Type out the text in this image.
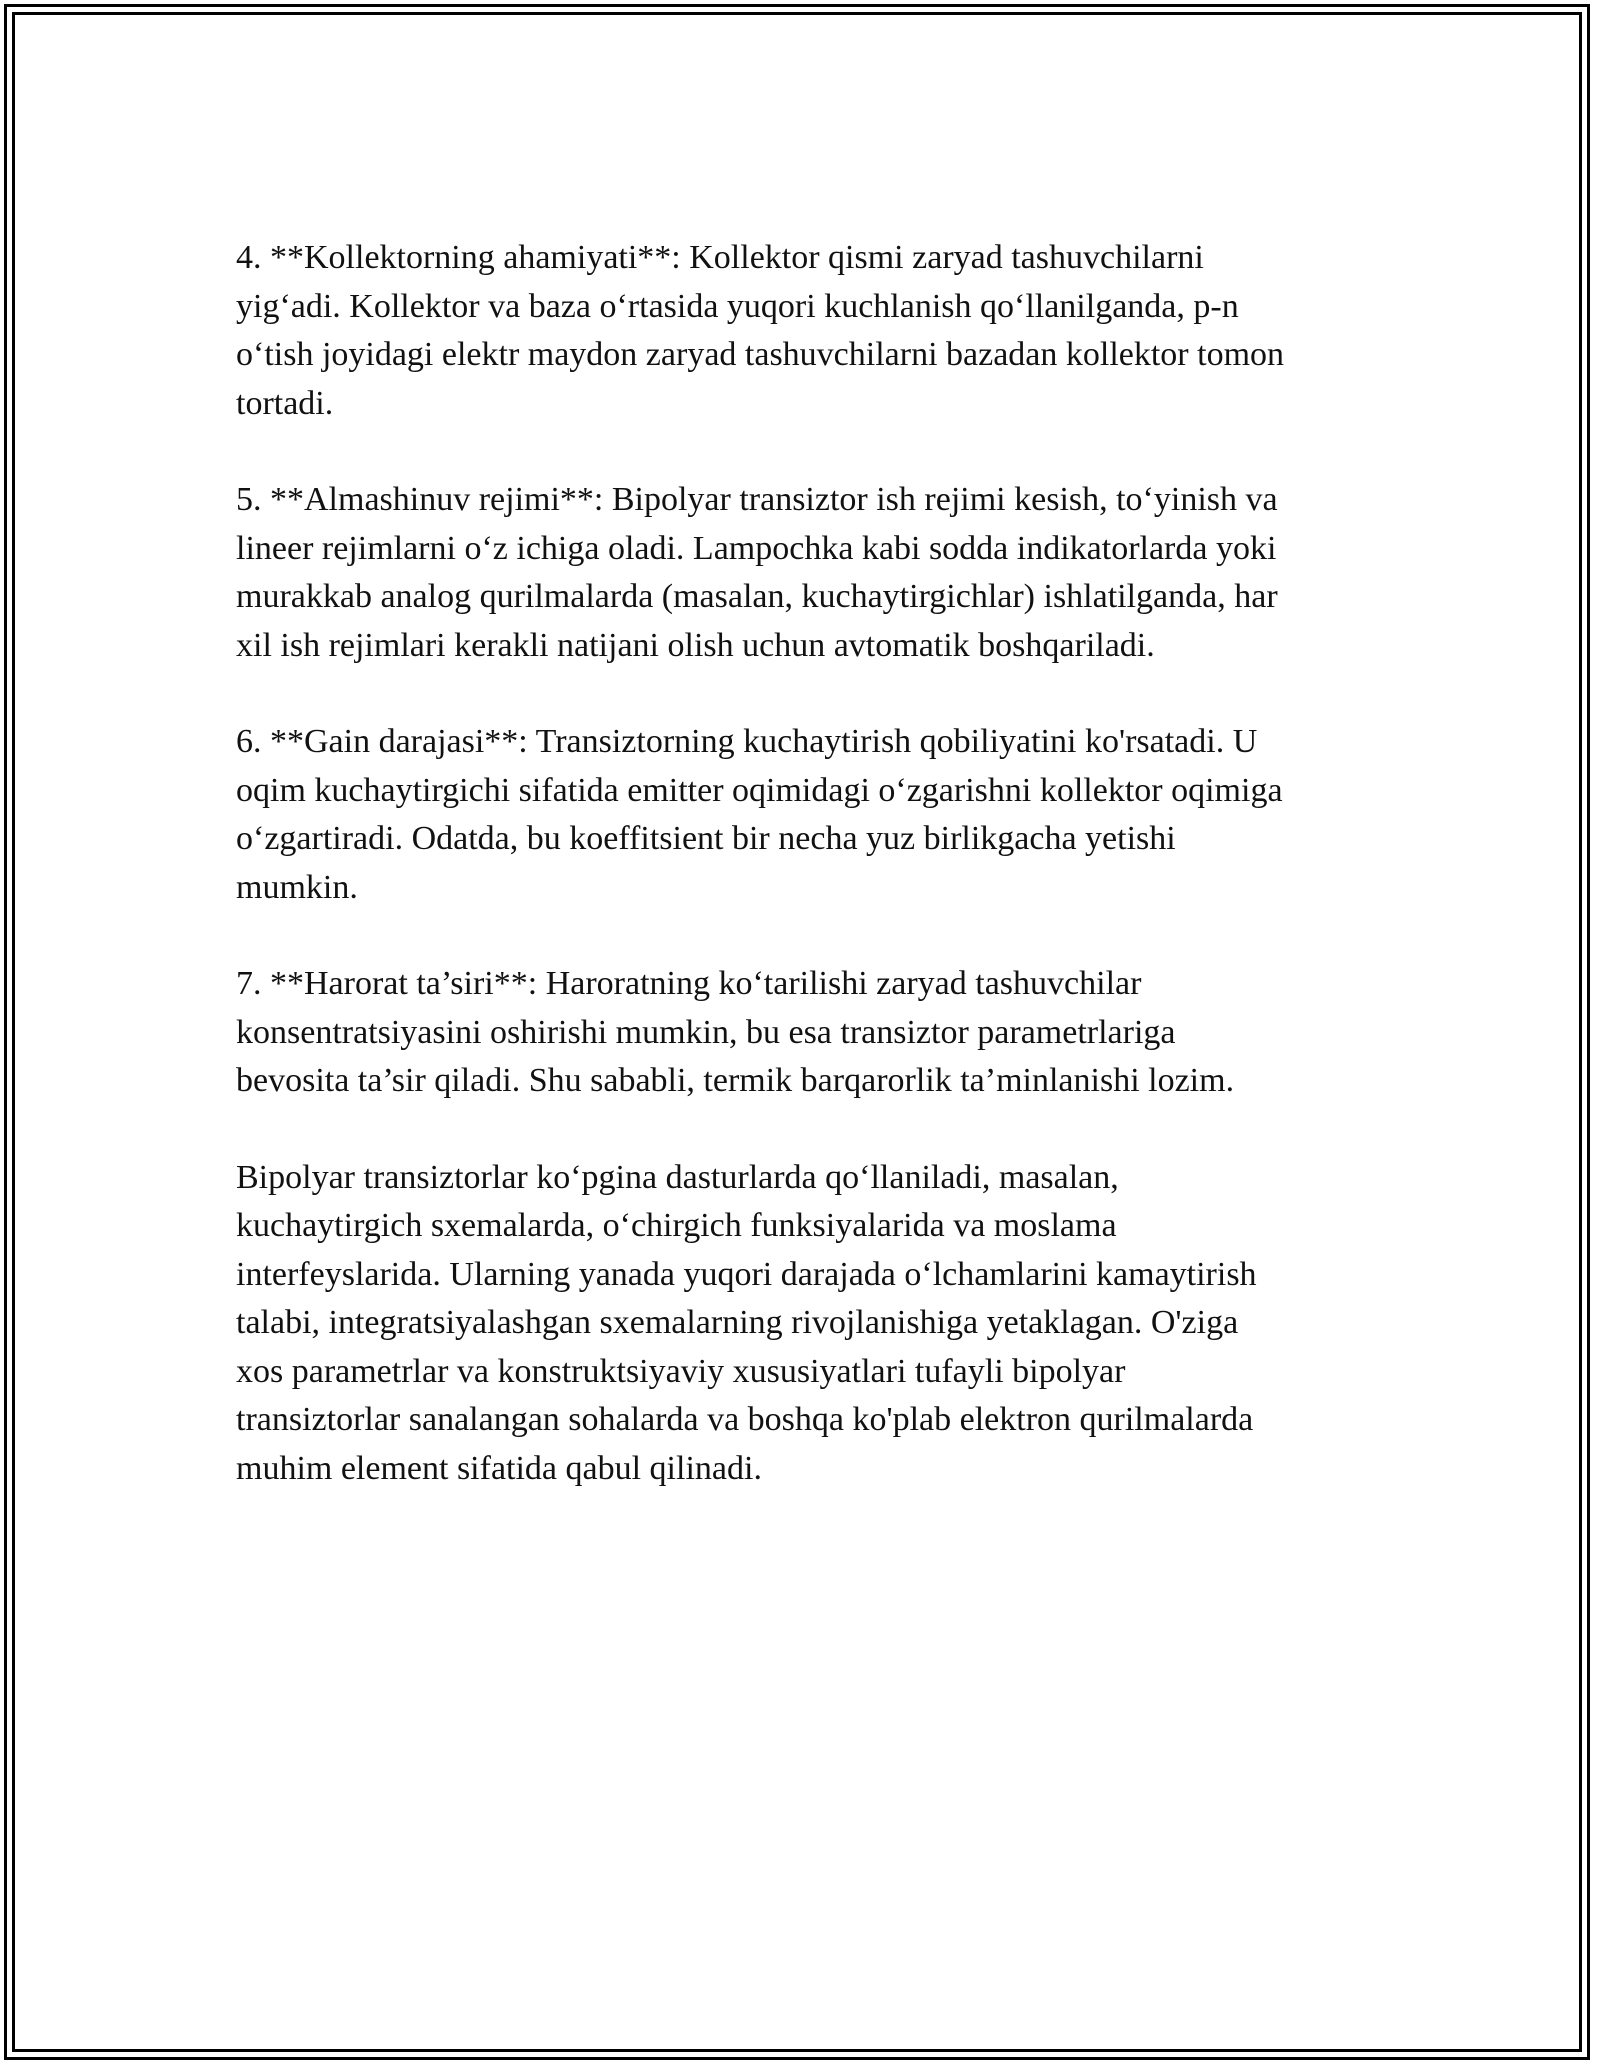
4. **Kollektorning ahamiyati**: Kollektor qismi zaryad tashuvchilarni
yig‘adi. Kollektor va baza o‘rtasida yuqori kuchlanish qo‘llanilganda, p-n
o‘tish joyidagi elektr maydon zaryad tashuvchilarni bazadan kollektor tomon
tortadi.

5. **Almashinuv rejimi**: Bipolyar transiztor ish rejimi kesish, to‘yinish va
lineer rejimlarni o‘z ichiga oladi. Lampochka kabi sodda indikatorlarda yoki
murakkab analog qurilmalarda (masalan, kuchaytirgichlar) ishlatilganda, har
xil ish rejimlari kerakli natijani olish uchun avtomatik boshqariladi.

6. **Gain darajasi**: Transiztorning kuchaytirish qobiliyatini ko'rsatadi. U
oqim kuchaytirgichi sifatida emitter oqimidagi o‘zgarishni kollektor oqimiga
o‘zgartiradi. Odatda, bu koeffitsient bir necha yuz birlikgacha yetishi
mumkin.

7. **Harorat ta’siri**: Haroratning ko‘tarilishi zaryad tashuvchilar
konsentratsiyasini oshirishi mumkin, bu esa transiztor parametrlariga
bevosita ta’sir qiladi. Shu sababli, termik barqarorlik ta’minlanishi lozim.

Bipolyar transiztorlar ko‘pgina dasturlarda qo‘llaniladi, masalan,
kuchaytirgich sxemalarda, o‘chirgich funksiyalarida va moslama
interfeyslarida. Ularning yanada yuqori darajada o‘lchamlarini kamaytirish
talabi, integratsiyalashgan sxemalarning rivojlanishiga yetaklagan. O'ziga
xos parametrlar va konstruktsiyaviy xususiyatlari tufayli bipolyar
transiztorlar sanalangan sohalarda va boshqa ko'plab elektron qurilmalarda
muhim element sifatida qabul qilinadi.
